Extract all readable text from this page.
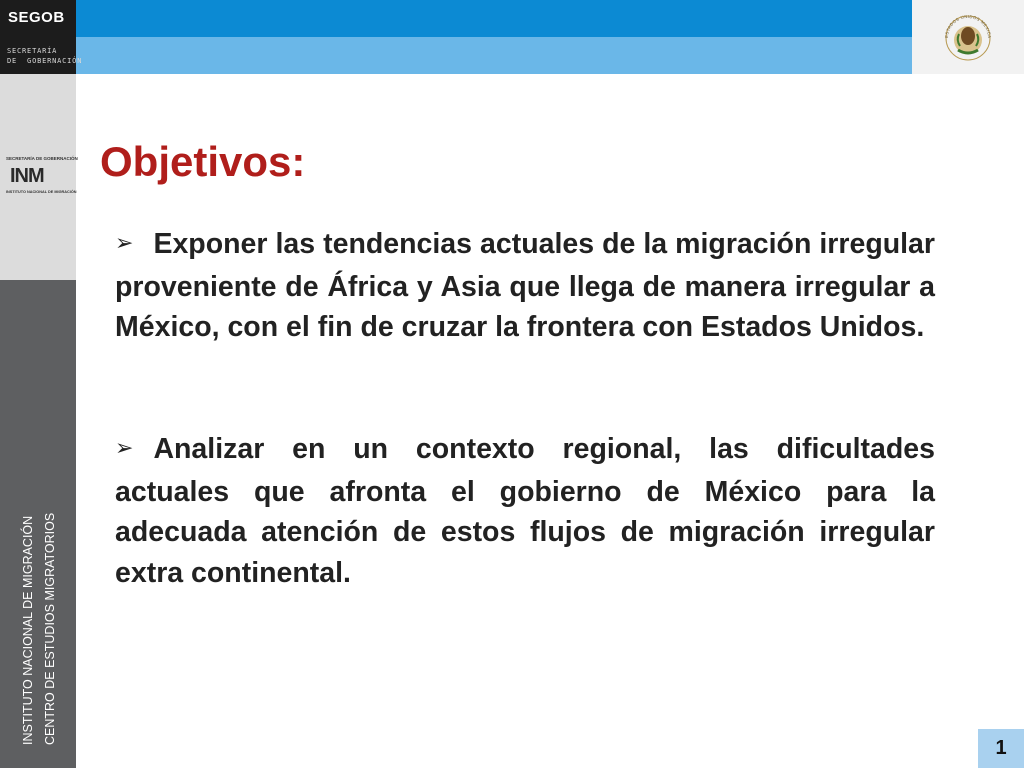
SEGOB
SECRETARÍA
DE  GOBERNACIÓN
ESTADOS UNIDOS MEXICA
SECRETARÍA DE GOBERNACIÓN
INM
INSTITUTO NACIONAL DE MIGRACIÓN
INSTITUTO NACIONAL DE MIGRACIÓN CENTRO DE ESTUDIOS MIGRATORIOS
Objetivos:
➢ Exponer las tendencias actuales de la migración irregular proveniente de África y Asia que llega de manera irregular a México, con el fin de cruzar la frontera con Estados Unidos.
➢ Analizar en un contexto regional, las dificultades actuales que afronta el gobierno de México para la adecuada atención de estos flujos de migración irregular extra continental.
1
